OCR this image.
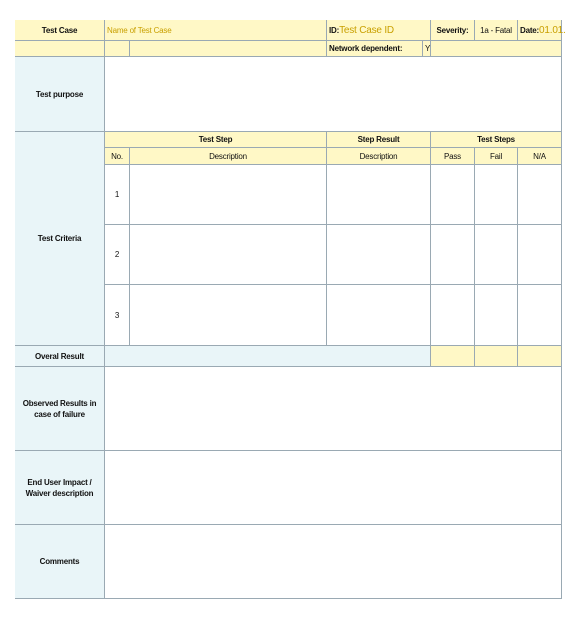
Test Case	Name of Test Case	ID: Test Case ID	Severity:	1a - Fatal	Date: 01.01.
Network dependent:	Y
Test purpose
Test Criteria
Test Step	Step Result	Test Steps
No.	Description	Description	Pass	Fail	N/A
1
2
3
Overal Result
Observed Results in case of failure
End User Impact / Waiver description
Comments
